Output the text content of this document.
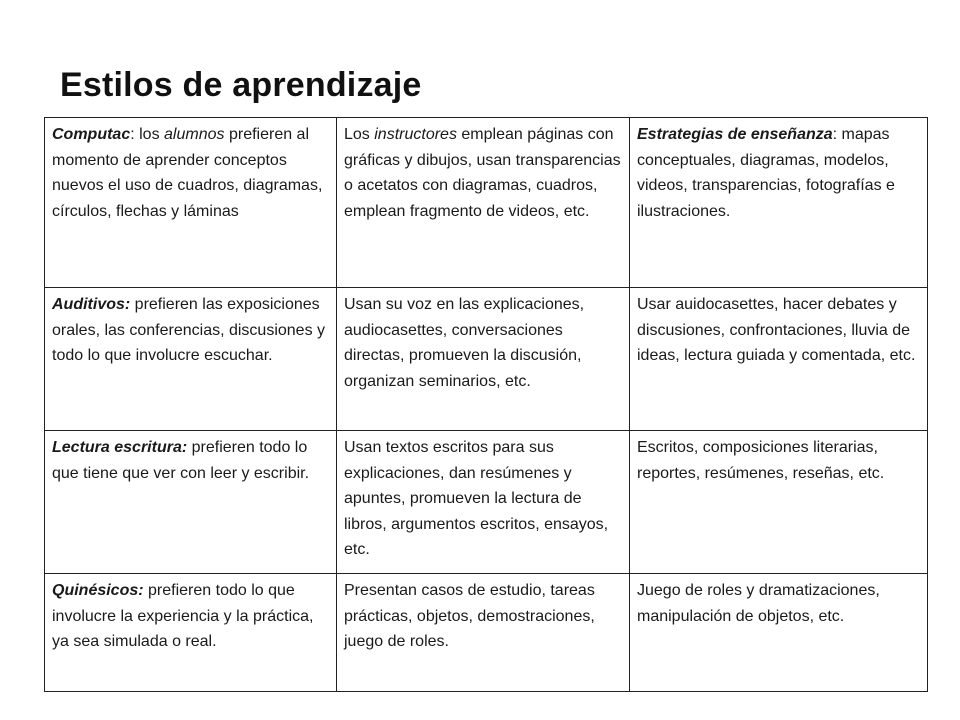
Estilos de aprendizaje
Computac: los alumnos prefieren al momento de aprender conceptos nuevos el uso de cuadros, diagramas, círculos, flechas y láminas	Los instructores emplean páginas con gráficas y dibujos, usan transparencias o acetatos con diagramas, cuadros, emplean fragmento de videos, etc.	Estrategias de enseñanza: mapas conceptuales, diagramas, modelos, videos, transparencias, fotografías e ilustraciones.
Auditivos: prefieren las exposiciones orales, las conferencias, discusiones y todo lo que involucre escuchar.	Usan su voz en las explicaciones, audiocasettes, conversaciones directas, promueven la discusión, organizan seminarios, etc.	Usar auidocasettes, hacer debates y discusiones, confrontaciones, lluvia de ideas, lectura guiada y comentada, etc.
Lectura escritura: prefieren todo lo que tiene que ver con leer y escribir.	Usan textos escritos para sus explicaciones, dan resúmenes y apuntes, promueven la lectura de libros, argumentos escritos, ensayos, etc.	Escritos, composiciones literarias, reportes, resúmenes, reseñas, etc.
Quinésicos: prefieren todo lo que involucre la experiencia y la práctica, ya sea simulada o real.	Presentan casos de estudio, tareas prácticas, objetos, demostraciones, juego de roles.	Juego de roles y dramatizaciones, manipulación de objetos, etc.
